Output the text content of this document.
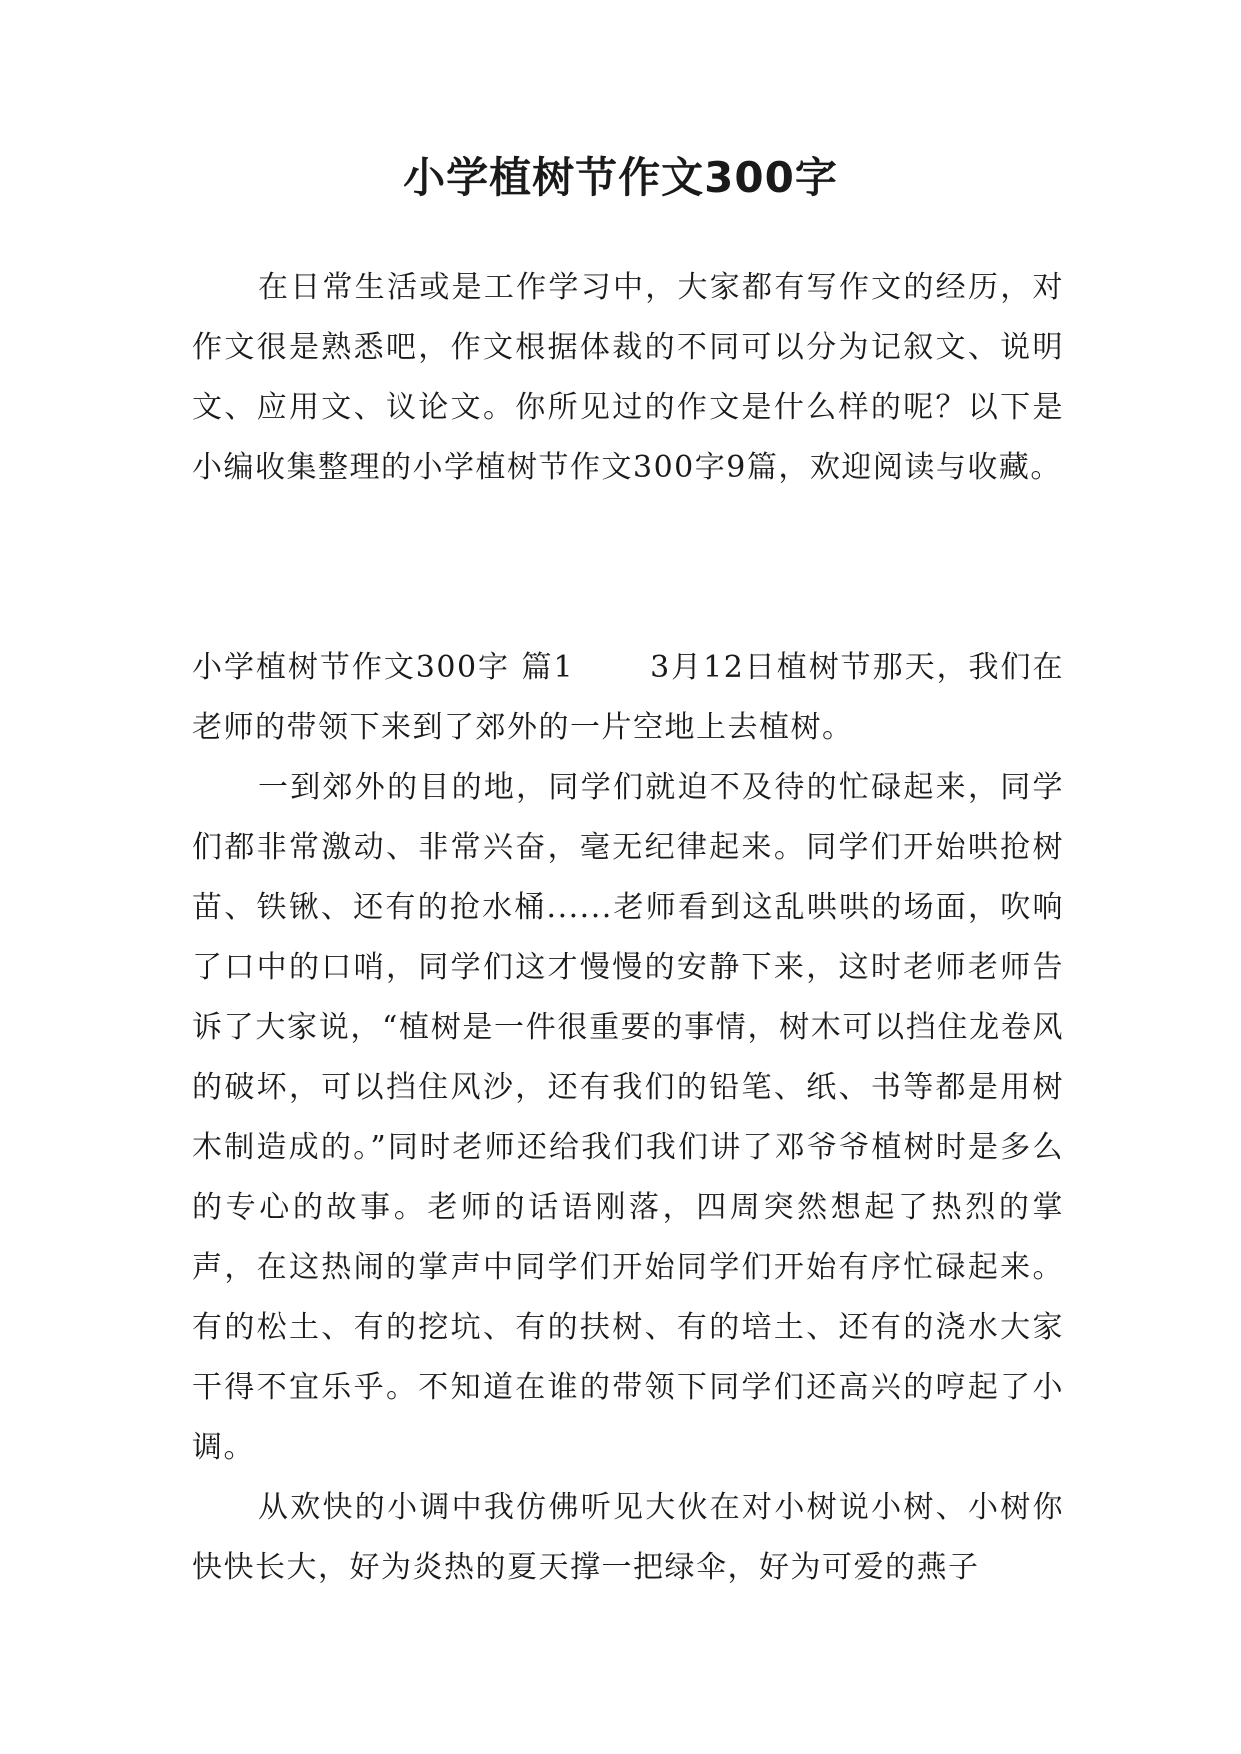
小学植树节作文300字

在日常生活或是工作学习中，大家都有写作文的经历，对作文很是熟悉吧，作文根据体裁的不同可以分为记叙文、说明文、应用文、议论文。你所见过的作文是什么样的呢？以下是小编收集整理的小学植树节作文300字9篇，欢迎阅读与收藏。

小学植树节作文300字 篇1	3月12日植树节那天，我们在老师的带领下来到了郊外的一片空地上去植树。

一到郊外的目的地，同学们就迫不及待的忙碌起来，同学们都非常激动、非常兴奋，毫无纪律起来。同学们开始哄抢树苗、铁锹、还有的抢水桶......老师看到这乱哄哄的场面，吹响了口中的口哨，同学们这才慢慢的安静下来，这时老师老师告诉了大家说，“植树是一件很重要的事情，树木可以挡住龙卷风的破坏，可以挡住风沙，还有我们的铅笔、纸、书等都是用树木制造成的。”同时老师还给我们我们讲了邓爷爷植树时是多么的专心的故事。老师的话语刚落，四周突然想起了热烈的掌声，在这热闹的掌声中同学们开始同学们开始有序忙碌起来。有的松土、有的挖坑、有的扶树、有的培土、还有的浇水大家干得不宜乐乎。不知道在谁的带领下同学们还高兴的哼起了小调。

从欢快的小调中我仿佛听见大伙在对小树说小树、小树你快快长大，好为炎热的夏天撑一把绿伞，好为可爱的燕子
